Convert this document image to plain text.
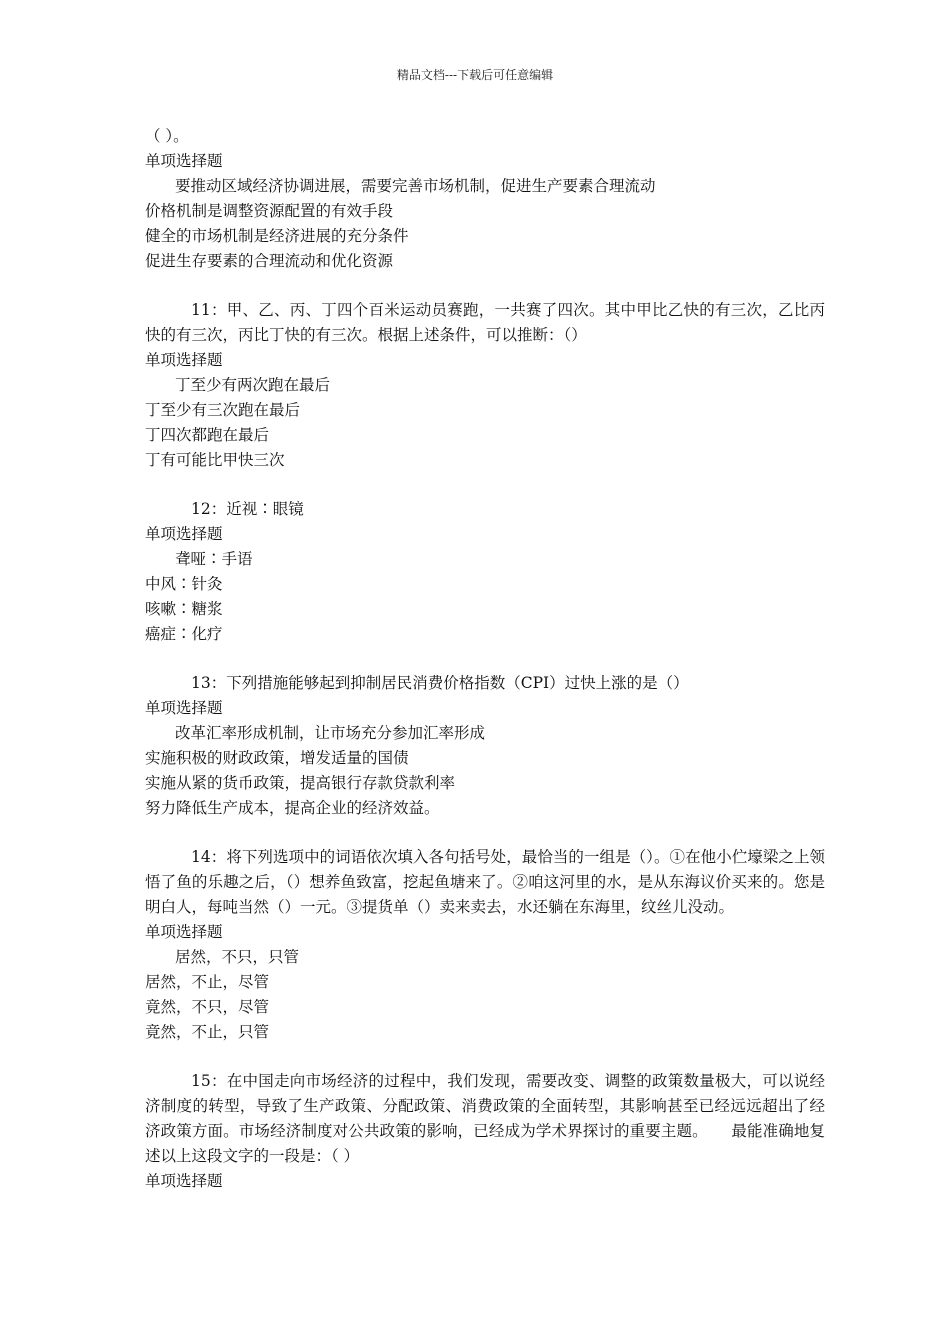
精品文档---下载后可任意编辑
（ ）。
单项选择题
要推动区域经济协调进展，需要完善市场机制，促进生产要素合理流动
价格机制是调整资源配置的有效手段
健全的市场机制是经济进展的充分条件
促进生存要素的合理流动和优化资源
11：甲、乙、丙、丁四个百米运动员赛跑，一共赛了四次。其中甲比乙快的有三次，乙比丙快的有三次，丙比丁快的有三次。根据上述条件，可以推断：（）
单项选择题
丁至少有两次跑在最后
丁至少有三次跑在最后
丁四次都跑在最后
丁有可能比甲快三次
12：近视∶眼镜
单项选择题
聋哑∶手语
中风∶针灸
咳嗽∶糖浆
癌症∶化疗
13：下列措施能够起到抑制居民消费价格指数（CPI）过快上涨的是（）
单项选择题
改革汇率形成机制，让市场充分参加汇率形成
实施积极的财政政策，增发适量的国债
实施从紧的货币政策，提高银行存款贷款利率
努力降低生产成本，提高企业的经济效益。
14：将下列选项中的词语依次填入各句括号处，最恰当的一组是（）。①在他小伫壕梁之上领悟了鱼的乐趣之后，（）想养鱼致富，挖起鱼塘来了。②咱这河里的水，是从东海议价买来的。您是明白人，每吨当然（）一元。③提货单（）卖来卖去，水还躺在东海里，纹丝儿没动。
单项选择题
居然，不只，只管
居然，不止，尽管
竟然，不只，尽管
竟然，不止，只管
15：在中国走向市场经济的过程中，我们发现，需要改变、调整的政策数量极大，可以说经济制度的转型，导致了生产政策、分配政策、消费政策的全面转型，其影响甚至已经远远超出了经济政策方面。市场经济制度对公共政策的影响，已经成为学术界探讨的重要主题。　　最能准确地复述以上这段文字的一段是：（ ）
单项选择题
